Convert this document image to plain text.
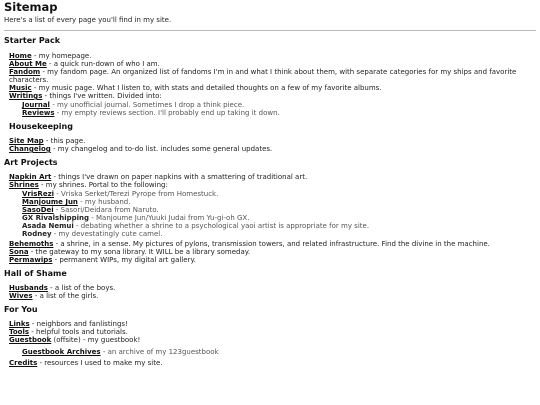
Sitemap

Here's a list of every page you'll find in my site.

Starter Pack
Home - my homepage.
About Me - a quick run-down of who I am.
Fandom - my fandom page. An organized list of fandoms I'm in and what I think about them, with separate categories for my ships and favorite characters.
Music - my music page. What I listen to, with stats and detailed thoughts on a few of my favorite albums.
Writings - things I've written. Divided into:
Journal - my unofficial journal. Sometimes I drop a think piece.
Reviews - my empty reviews section. I'll probably end up taking it down.
Housekeeping
Site Map - this page.
Changelog - my changelog and to-do list. includes some general updates.
Art Projects
Napkin Art - things I've drawn on paper napkins with a smattering of traditional art.
Shrines - my shrines. Portal to the following:
VrisRezi - Vriska Serket/Terezi Pyrope from Homestuck.
Manjoume Jun - my husband.
SasoDei - Sasori/Deidara from Naruto.
GX Rivalshipping - Manjoume Jun/Yuuki Judai from Yu-gi-oh GX.
Asada Nemui - debating whether a shrine to a psychological yaoi artist is appropriate for my site.
Rodney - my devestatingly cute camel.
Behemoths - a shrine, in a sense. My pictures of pylons, transmission towers, and related infrastructure. Find the divine in the machine.
Sona - the gateway to my sona library. It WILL be a library someday.
Permawips - permanent WIPs, my digital art gallery.
Hall of Shame
Husbands - a list of the boys.
Wives - a list of the girls.
For You
Links - neighbors and fanlistings!
Tools - helpful tools and tutorials.
Guestbook (offsite) - my guestbook!
Guestbook Archives - an archive of my 123guestbook
Credits - resources I used to make my site.
